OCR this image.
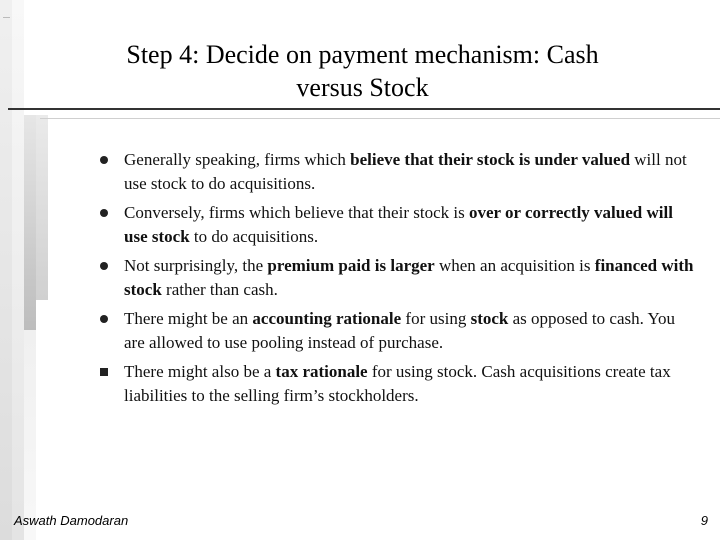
Step 4: Decide on payment mechanism: Cash
versus Stock
Generally speaking, firms which believe that their stock is under valued will not use stock to do acquisitions.
Conversely, firms which believe that their stock is over or correctly valued will use stock to do acquisitions.
Not surprisingly, the premium paid is larger when an acquisition is financed with stock rather than cash.
There might be an accounting rationale for using stock as opposed to cash. You are allowed to use pooling instead of purchase.
There might also be a tax rationale for using stock. Cash acquisitions create tax liabilities to the selling firm’s stockholders.
Aswath Damodaran	9
